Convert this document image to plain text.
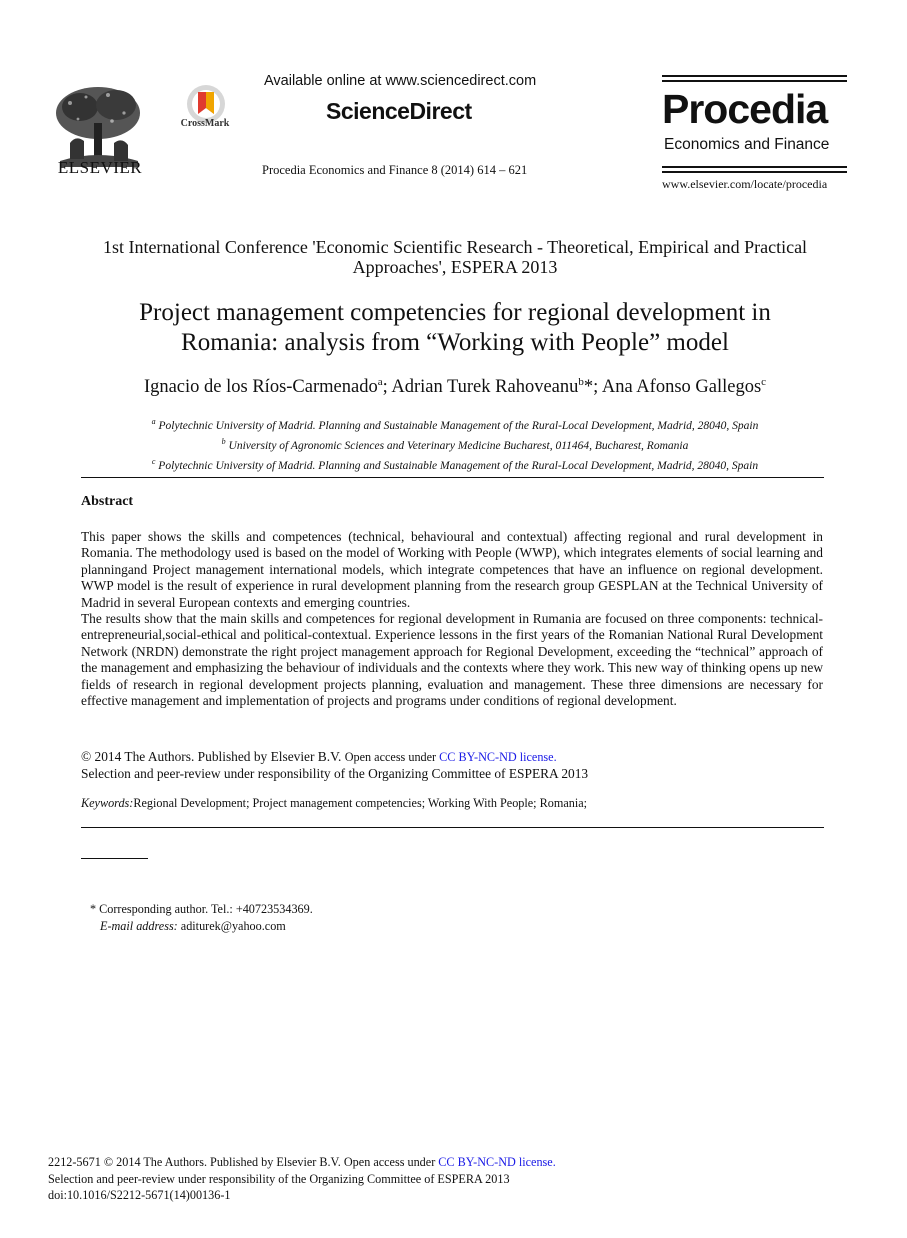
ELSEVIER
CrossMark
Available online at www.sciencedirect.com
ScienceDirect
Procedia Economics and Finance 8 (2014) 614 – 621
Procedia
Economics and Finance
www.elsevier.com/locate/procedia
1st International Conference 'Economic Scientific Research - Theoretical, Empirical and Practical
Approaches', ESPERA 2013
Project management competencies for regional development in
Romania: analysis from “Working with People” model
Ignacio de los Ríos-Carmenado$^a$; Adrian Turek Rahoveanu$^b$*; Ana Afonso Gallegos$^c$
$^a$ Polytechnic University of Madrid. Planning and Sustainable Management of the Rural-Local Development, Madrid, 28040, Spain
$^b$ University of Agronomic Sciences and Veterinary Medicine Bucharest, 011464, Bucharest, Romania
$^c$ Polytechnic University of Madrid. Planning and Sustainable Management of the Rural-Local Development, Madrid, 28040, Spain
Abstract

This paper shows the skills and competences (technical, behavioural and contextual) affecting regional and rural development in Romania. The methodology used is based on the model of Working with People (WWP), which integrates elements of social learning and planningand Project management international models, which integrate competences that have an influence on regional development. WWP model is the result of experience in rural development planning from the research group GESPLAN at the Technical University of Madrid in several European contexts and emerging countries.

The results show that the main skills and competences for regional development in Rumania are focused on three components: technical-entrepreneurial,social-ethical and political-contextual. Experience lessons in the first years of the Romanian National Rural Development Network (NRDN) demonstrate the right project management approach for Regional Development, exceeding the “technical” approach of the management and emphasizing the behaviour of individuals and the contexts where they work. This new way of thinking opens up new fields of research in regional development projects planning, evaluation and management. These three dimensions are necessary for effective management and implementation of projects and programs under conditions of regional development.

© 2014 The Authors. Published by Elsevier B.V. Open access under CC BY-NC-ND license.
Selection and peer-review under responsibility of the Organizing Committee of ESPERA 2013
Keywords:Regional Development; Project management competencies; Working With People; Romania;
* Corresponding author. Tel.: +40723534369.
E-mail address: aditurek@yahoo.com
2212-5671 © 2014 The Authors. Published by Elsevier B.V. Open access under CC BY-NC-ND license.
Selection and peer-review under responsibility of the Organizing Committee of ESPERA 2013
doi:10.1016/S2212-5671(14)00136-1
